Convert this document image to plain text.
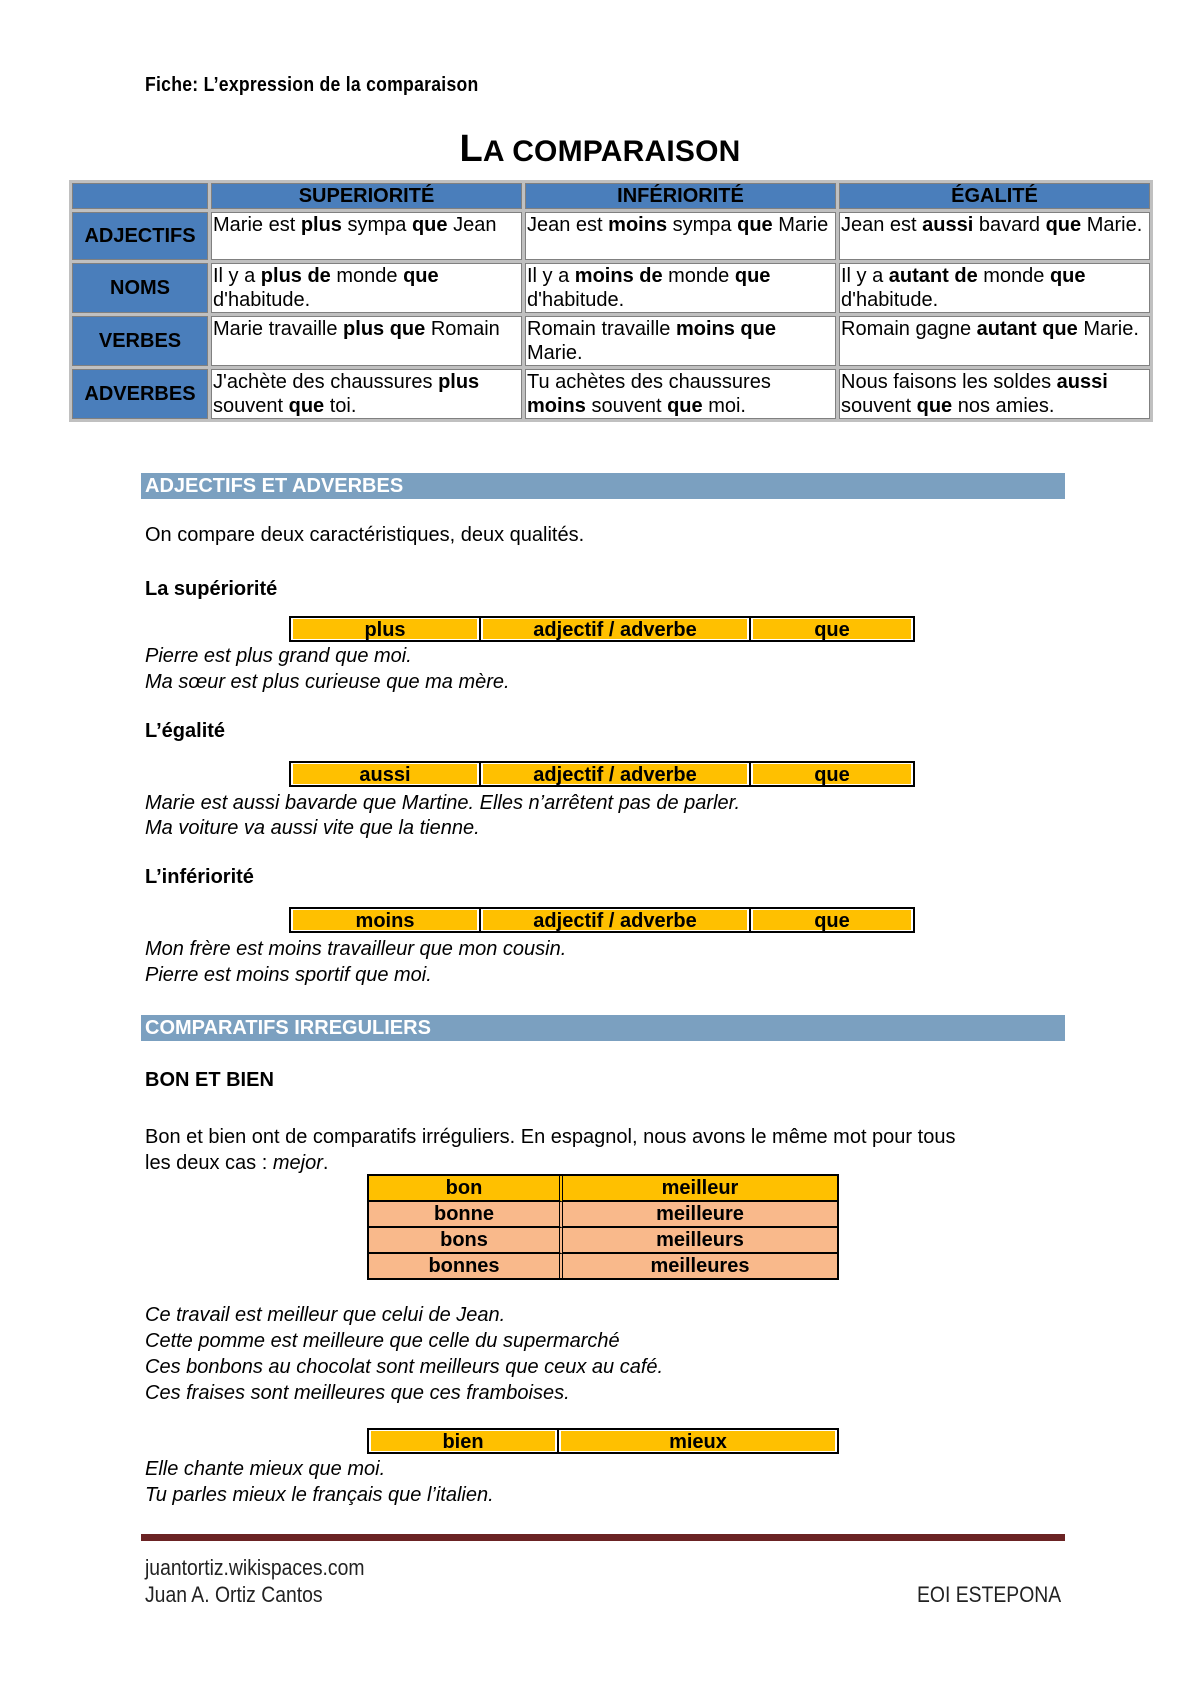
Fiche: L’expression de la comparaison
LA COMPARAISON
	SUPERIORITÉ	INFÉRIORITÉ	ÉGALITÉ
ADJECTIFS	Marie est plus sympa que Jean	Jean est moins sympa que Marie	Jean est aussi bavard que Marie.
NOMS	Il y a plus de monde que d'habitude.	Il y a moins de monde que d'habitude.	Il y a autant de monde que d'habitude.
VERBES	Marie travaille plus que Romain	Romain travaille moins que Marie.	Romain gagne autant que Marie.
ADVERBES	J'achète des chaussures plus souvent que toi.	Tu achètes des chaussures moins souvent que moi.	Nous faisons les soldes aussi souvent que nos amies.
ADJECTIFS ET ADVERBES
On compare deux caractéristiques, deux qualités.
La supériorité
plus	adjectif / adverbe	que
Pierre est plus grand que moi.
Ma sœur est plus curieuse que ma mère.
L’égalité
aussi	adjectif / adverbe	que
Marie est aussi bavarde que Martine. Elles n’arrêtent pas de parler.
Ma voiture va aussi vite que la tienne.
L’infériorité
moins	adjectif / adverbe	que
Mon frère est moins travailleur que mon cousin.
Pierre est moins sportif que moi.
COMPARATIFS IRREGULIERS
BON ET BIEN
Bon et bien ont de comparatifs irréguliers. En espagnol, nous avons le même mot pour tous
les deux cas : mejor.
bon	meilleur
bonne	meilleure
bons	meilleurs
bonnes	meilleures
Ce travail est meilleur que celui de Jean.
Cette pomme est meilleure que celle du supermarché
Ces bonbons au chocolat sont meilleurs que ceux au café.
Ces fraises sont meilleures que ces framboises.
bien	mieux
Elle chante mieux que moi.
Tu parles mieux le français que l’italien.
juantortiz.wikispaces.com
Juan A. Ortiz Cantos	EOI ESTEPONA
